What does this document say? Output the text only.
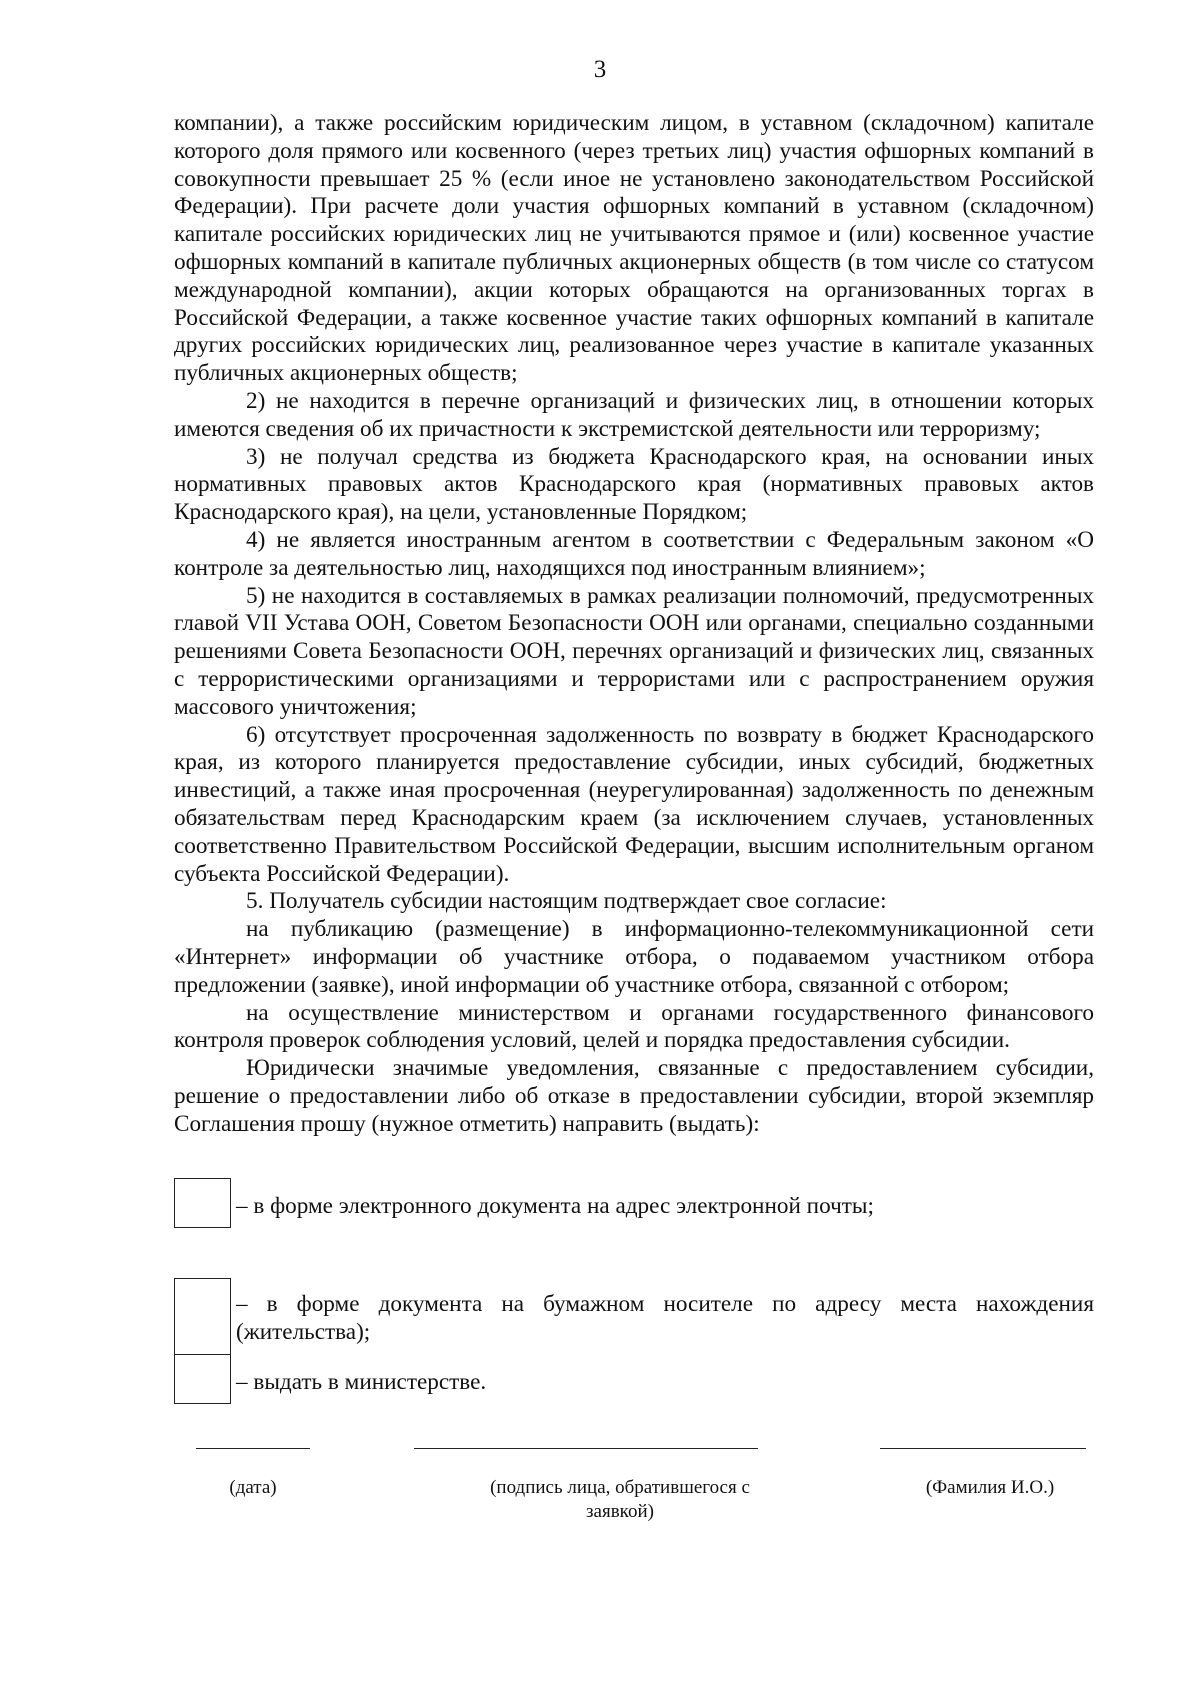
3

компании), а также российским юридическим лицом, в уставном (складочном) капитале которого доля прямого или косвенного (через третьих лиц) участия офшорных компаний в совокупности превышает 25 % (если иное не установлено законодательством Российской Федерации). При расчете доли участия офшорных компаний в уставном (складочном) капитале российских юридических лиц не учитываются прямое и (или) косвенное участие офшорных компаний в капитале публичных акционерных обществ (в том числе со статусом международной компании), акции которых обращаются на организованных торгах в Российской Федерации, а также косвенное участие таких офшорных компаний в капитале других российских юридических лиц, реализованное через участие в капитале указанных публичных акционерных обществ;

2) не находится в перечне организаций и физических лиц, в отношении которых имеются сведения об их причастности к экстремистской деятельности или терроризму;

3) не получал средства из бюджета Краснодарского края, на основании иных нормативных правовых актов Краснодарского края (нормативных правовых актов Краснодарского края), на цели, установленные Порядком;

4) не является иностранным агентом в соответствии с Федеральным законом «О контроле за деятельностью лиц, находящихся под иностранным влиянием»;

5) не находится в составляемых в рамках реализации полномочий, предусмотренных главой VII Устава ООН, Советом Безопасности ООН или органами, специально созданными решениями Совета Безопасности ООН, перечнях организаций и физических лиц, связанных с террористическими организациями и террористами или с распространением оружия массового уничтожения;

6) отсутствует просроченная задолженность по возврату в бюджет Краснодарского края, из которого планируется предоставление субсидии, иных субсидий, бюджетных инвестиций, а также иная просроченная (неурегулированная) задолженность по денежным обязательствам перед Краснодарским краем (за исключением случаев, установленных соответственно Правительством Российской Федерации, высшим исполнительным органом субъекта Российской Федерации).

5. Получатель субсидии настоящим подтверждает свое согласие:

на публикацию (размещение) в информационно-телекоммуникационной сети «Интернет» информации об участнике отбора, о подаваемом участником отбора предложении (заявке), иной информации об участнике отбора, связанной с отбором;

на осуществление министерством и органами государственного финансового контроля проверок соблюдения условий, целей и порядка предоставления субсидии.

Юридически значимые уведомления, связанные с предоставлением субсидии, решение о предоставлении либо об отказе в предоставлении субсидии, второй экземпляр Соглашения прошу (нужное отметить) направить (выдать):

– в форме электронного документа на адрес электронной почты;
– в форме документа на бумажном носителе по адресу места нахождения (жительства);
– выдать в министерстве.
(дата)	(подпись лица, обратившегося с заявкой)
(Фамилия И.О.)
